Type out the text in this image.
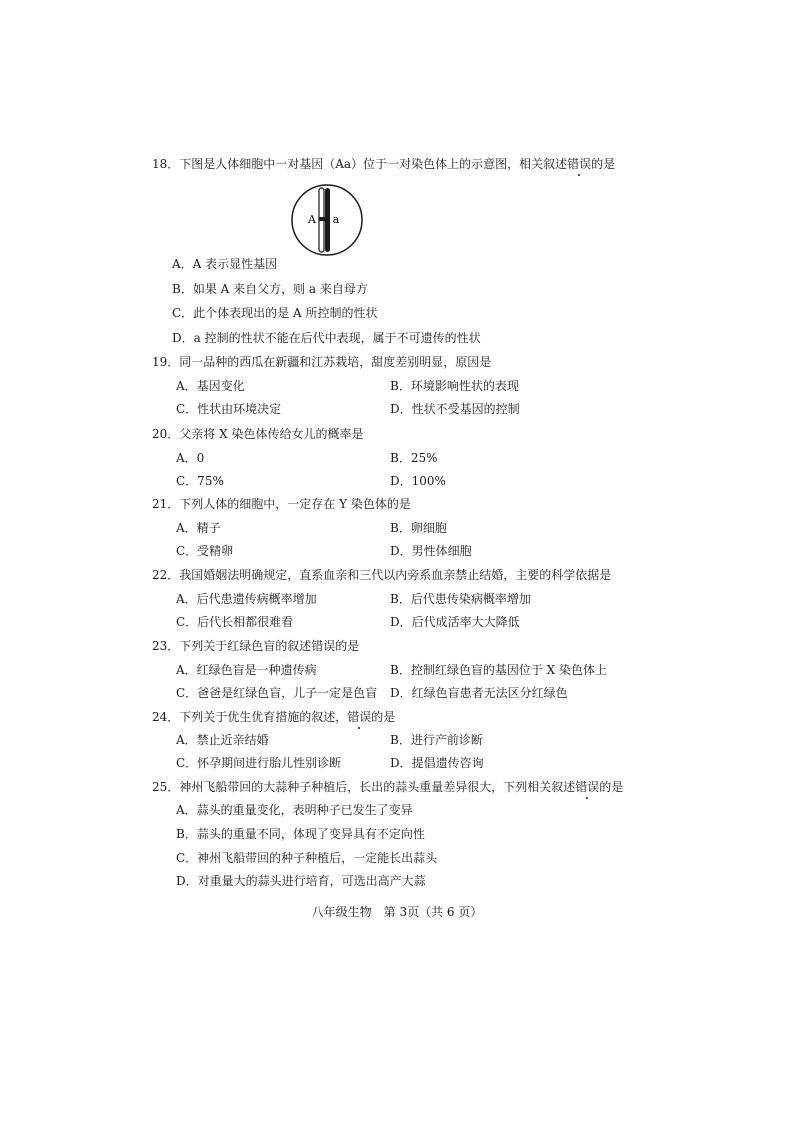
18．下图是人体细胞中一对基因（Aa）位于一对染色体上的示意图，相关叙述错误的是
A a
A．A 表示显性基因
B．如果 A 来自父方，则 a 来自母方
C．此个体表现出的是 A 所控制的性状
D．a 控制的性状不能在后代中表现，属于不可遗传的性状
19．同一品种的西瓜在新疆和江苏栽培，甜度差别明显，原因是
A．基因变化	B．环境影响性状的表现
C．性状由环境决定	D．性状不受基因的控制
20．父亲将 X 染色体传给女儿的概率是
A．0	B．25%
C．75%	D．100%
21．下列人体的细胞中，一定存在 Y 染色体的是
A．精子	B．卵细胞
C．受精卵	D．男性体细胞
22．我国婚姻法明确规定，直系血亲和三代以内旁系血亲禁止结婚，主要的科学依据是
A．后代患遗传病概率增加	B．后代患传染病概率增加
C．后代长相都很难看	D．后代成活率大大降低
23．下列关于红绿色盲的叙述错误的是
A．红绿色盲是一种遗传病	B．控制红绿色盲的基因位于 X 染色体上
C．爸爸是红绿色盲，儿子一定是色盲 D．红绿色盲患者无法区分红绿色
24．下列关于优生优育措施的叙述，错误的是
A．禁止近亲结婚	B．进行产前诊断
C．怀孕期间进行胎儿性别诊断	D．提倡遗传咨询
25．神州飞船带回的大蒜种子种植后，长出的蒜头重量差异很大，下列相关叙述错误的是
A．蒜头的重量变化，表明种子已发生了变异
B．蒜头的重量不同，体现了变异具有不定向性
C．神州飞船带回的种子种植后，一定能长出蒜头
D．对重量大的蒜头进行培育，可选出高产大蒜
八年级生物　第 3页（共 6 页）
